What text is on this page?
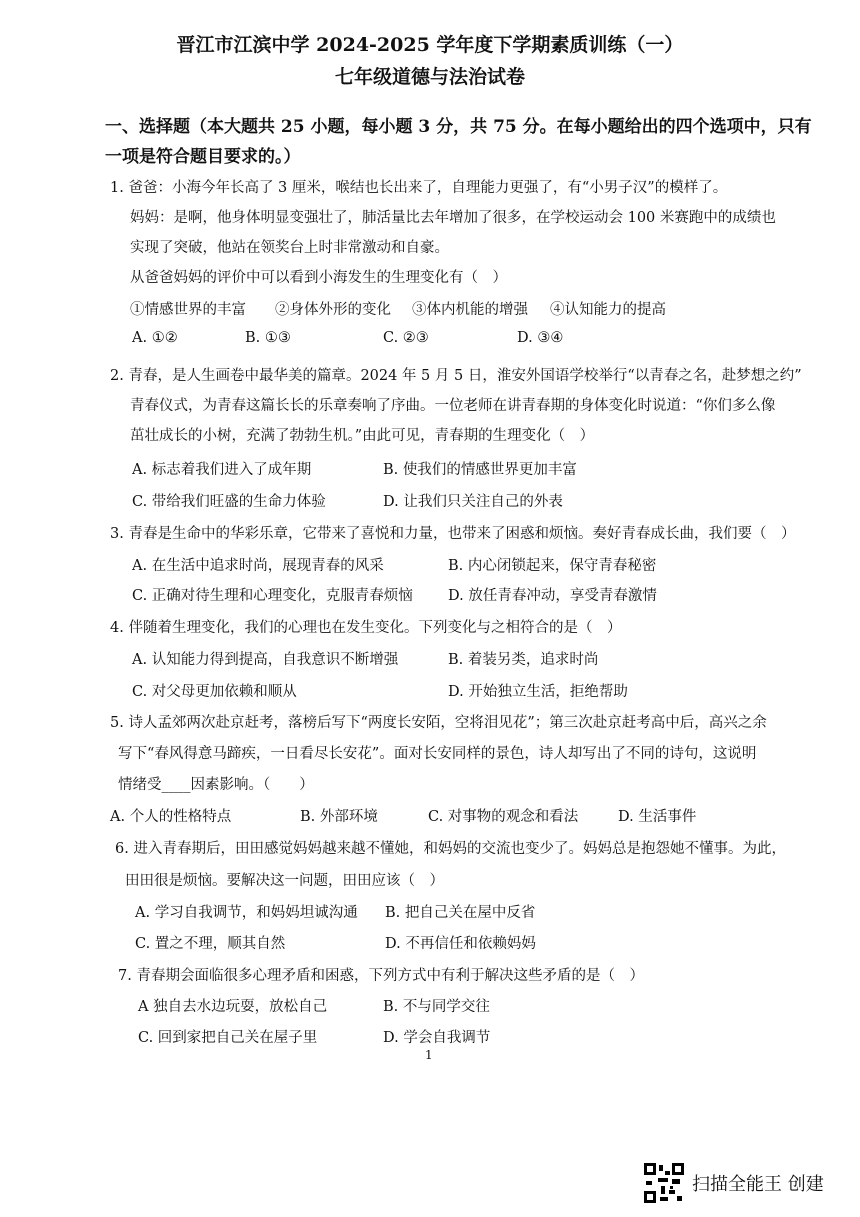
晋江市江滨中学 2024-2025 学年度下学期素质训练（一）
七年级道德与法治试卷
一、选择题（本大题共 25 小题，每小题 3 分，共 75 分。在每小题给出的四个选项中，只有
一项是符合题目要求的。）
1. 爸爸：小海今年长高了 3 厘米，喉结也长出来了，自理能力更强了，有“小男子汉”的模样了。
妈妈：是啊，他身体明显变强壮了，肺活量比去年增加了很多，在学校运动会 100 米赛跑中的成绩也
实现了突破，他站在领奖台上时非常激动和自豪。
从爸爸妈妈的评价中可以看到小海发生的生理变化有（　）
①情感世界的丰富 ②身体外形的变化 ③体内机能的增强 ④认知能力的提高
A. ①②	B. ①③	C. ②③	D. ③④
2. 青春，是人生画卷中最华美的篇章。2024 年 5 月 5 日，淮安外国语学校举行“以青春之名，赴梦想之约”
青春仪式，为青春这篇长长的乐章奏响了序曲。一位老师在讲青春期的身体变化时说道：“你们多么像
茁壮成长的小树，充满了勃勃生机。”由此可见，青春期的生理变化（　）
A. 标志着我们进入了成年期	B. 使我们的情感世界更加丰富
C. 带给我们旺盛的生命力体验	D. 让我们只关注自己的外表
3. 青春是生命中的华彩乐章，它带来了喜悦和力量，也带来了困惑和烦恼。奏好青春成长曲，我们要（　）
A. 在生活中追求时尚，展现青春的风采	B. 内心闭锁起来，保守青春秘密
C. 正确对待生理和心理变化，克服青春烦恼 D. 放任青春冲动，享受青春激情
4. 伴随着生理变化，我们的心理也在发生变化。下列变化与之相符合的是（　）
A. 认知能力得到提高，自我意识不断增强	B. 着装另类，追求时尚
C. 对父母更加依赖和顺从	D. 开始独立生活，拒绝帮助
5. 诗人孟郊两次赴京赶考，落榜后写下“两度长安陌，空将泪见花”；第三次赴京赶考高中后，高兴之余
写下“春风得意马蹄疾，一日看尽长安花”。面对长安同样的景色，诗人却写出了不同的诗句，这说明
情绪受____因素影响。（　　）
A. 个人的性格特点	B. 外部环境	C. 对事物的观念和看法	D. 生活事件
6. 进入青春期后，田田感觉妈妈越来越不懂她，和妈妈的交流也变少了。妈妈总是抱怨她不懂事。为此，
田田很是烦恼。要解决这一问题，田田应该（　）
A. 学习自我调节，和妈妈坦诚沟通 B. 把自己关在屋中反省
C. 置之不理，顺其自然	D. 不再信任和依赖妈妈
7. 青春期会面临很多心理矛盾和困惑，下列方式中有利于解决这些矛盾的是（　）
A 独自去水边玩耍，放松自己	B. 不与同学交往
C. 回到家把自己关在屋子里	D. 学会自我调节
1
扫描全能王 创建
